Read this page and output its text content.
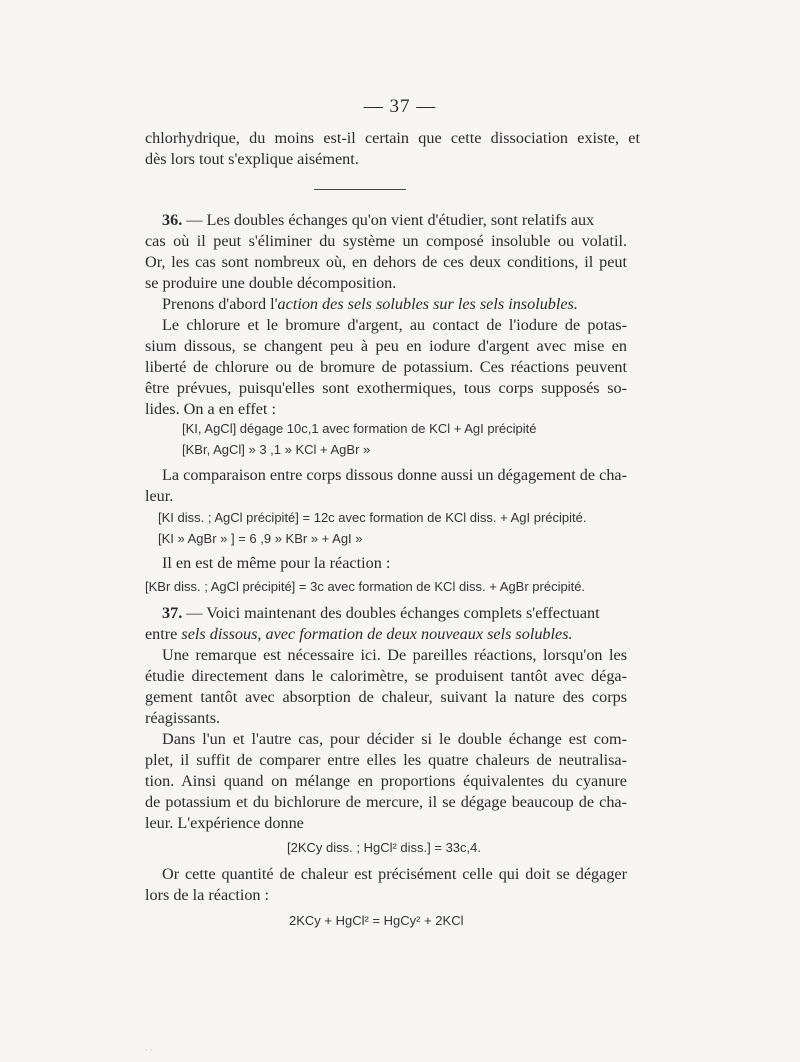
— 37 —
chlorhydrique, du moins est-il certain que cette dissociation existe, et
dès lors tout s'explique aisément.
36. — Les doubles échanges qu'on vient d'étudier, sont relatifs aux
cas où il peut s'éliminer du système un composé insoluble ou volatil.
Or, les cas sont nombreux où, en dehors de ces deux conditions, il peut
se produire une double décomposition.
Prenons d'abord l'action des sels solubles sur les sels insolubles.
Le chlorure et le bromure d'argent, au contact de l'iodure de potas-
sium dissous, se changent peu à peu en iodure d'argent avec mise en
liberté de chlorure ou de bromure de potassium. Ces réactions peuvent
être prévues, puisqu'elles sont exothermiques, tous corps supposés so-
lides. On a en effet :
[KI, AgCl] dégage 10c,1 avec formation de KCl + AgI précipité
[KBr, AgCl] » 3 ,1 » KCl + AgBr »
La comparaison entre corps dissous donne aussi un dégagement de cha-
leur.
[KI diss. ; AgCl précipité] = 12c avec formation de KCl diss. + AgI précipité.
[KI » AgBr » ] = 6 ,9 » KBr » + AgI »
Il en est de même pour la réaction :
[KBr diss. ; AgCl précipité] = 3c avec formation de KCl diss. + AgBr précipité.
37. — Voici maintenant des doubles échanges complets s'effectuant
entre sels dissous, avec formation de deux nouveaux sels solubles.
Une remarque est nécessaire ici. De pareilles réactions, lorsqu'on les
étudie directement dans le calorimètre, se produisent tantôt avec déga-
gement tantôt avec absorption de chaleur, suivant la nature des corps
réagissants.
Dans l'un et l'autre cas, pour décider si le double échange est com-
plet, il suffit de comparer entre elles les quatre chaleurs de neutralisa-
tion. Ainsi quand on mélange en proportions équivalentes du cyanure
de potassium et du bichlorure de mercure, il se dégage beaucoup de cha-
leur. L'expérience donne
[2KCy diss. ; HgCl² diss.] = 33c,4.
Or cette quantité de chaleur est précisément celle qui doit se dégager
lors de la réaction :
2KCy + HgCl² = HgCy² + 2KCl
· ·
